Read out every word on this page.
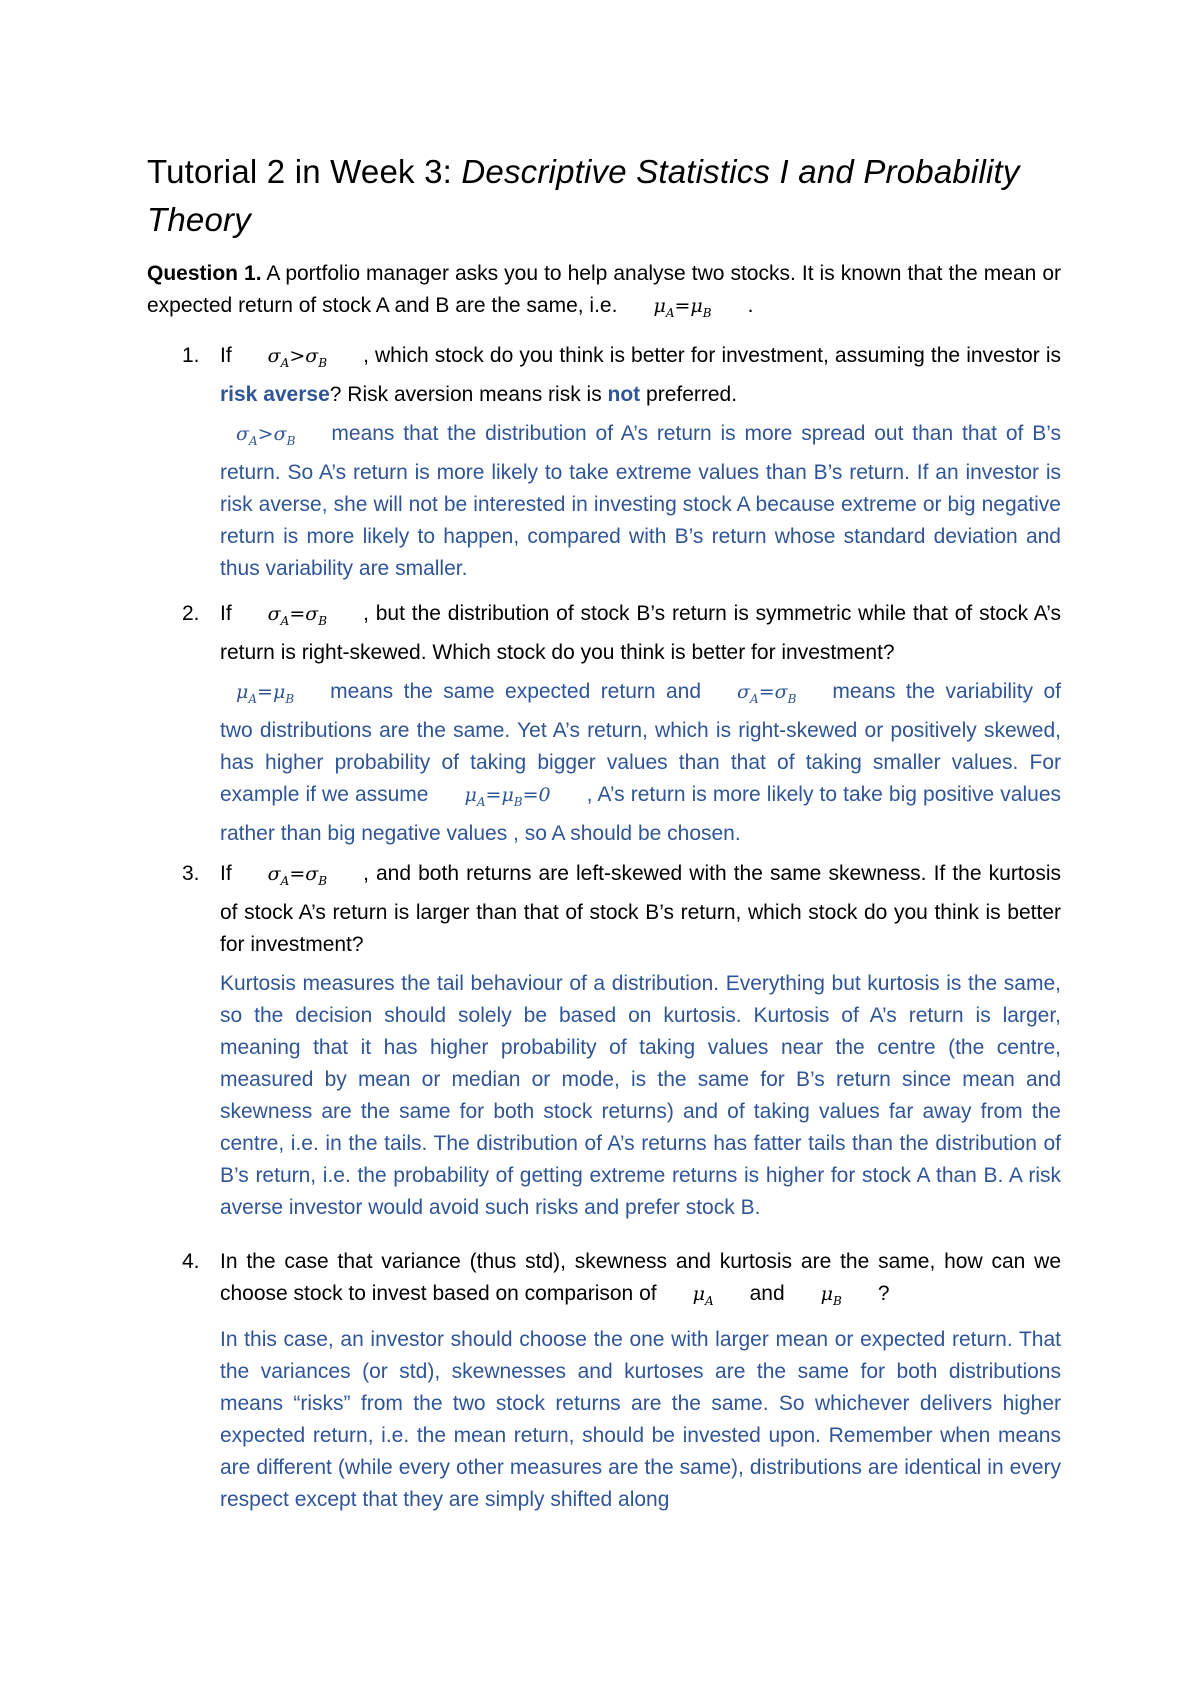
Tutorial 2 in Week 3: Descriptive Statistics I and Probability Theory

Question 1. A portfolio manager asks you to help analyse two stocks. It is known that the mean or expected return of stock A and B are the same, i.e. $\mu_A=\mu_B$ .

1. If $\sigma_A>\sigma_B$ , which stock do you think is better for investment, assuming the investor is risk averse? Risk aversion means risk is not preferred.

$\sigma_A>\sigma_B$ means that the distribution of A’s return is more spread out than that of B’s return. So A’s return is more likely to take extreme values than B’s return. If an investor is risk averse, she will not be interested in investing stock A because extreme or big negative return is more likely to happen, compared with B’s return whose standard deviation and thus variability are smaller.

2. If $\sigma_A=\sigma_B$ , but the distribution of stock B’s return is symmetric while that of stock A’s return is right-skewed. Which stock do you think is better for investment?

$\mu_A=\mu_B$ means the same expected return and $\sigma_A=\sigma_B$ means the variability of two distributions are the same. Yet A’s return, which is right-skewed or positively skewed, has higher probability of taking bigger values than that of taking smaller values. For example if we assume $\mu_A=\mu_B=0$ , A’s return is more likely to take big positive values rather than big negative values , so A should be chosen.

3. If $\sigma_A=\sigma_B$ , and both returns are left-skewed with the same skewness. If the kurtosis of stock A’s return is larger than that of stock B’s return, which stock do you think is better for investment?

Kurtosis measures the tail behaviour of a distribution. Everything but kurtosis is the same, so the decision should solely be based on kurtosis. Kurtosis of A’s return is larger, meaning that it has higher probability of taking values near the centre (the centre, measured by mean or median or mode, is the same for B’s return since mean and skewness are the same for both stock returns) and of taking values far away from the centre, i.e. in the tails. The distribution of A’s returns has fatter tails than the distribution of B’s return, i.e. the probability of getting extreme returns is higher for stock A than B. A risk averse investor would avoid such risks and prefer stock B.

4. In the case that variance (thus std), skewness and kurtosis are the same, how can we choose stock to invest based on comparison of $\mu_A$ and $\mu_B$ ?

In this case, an investor should choose the one with larger mean or expected return. That the variances (or std), skewnesses and kurtoses are the same for both distributions means “risks” from the two stock returns are the same. So whichever delivers higher expected return, i.e. the mean return, should be invested upon. Remember when means are different (while every other measures are the same), distributions are identical in every respect except that they are simply shifted along
